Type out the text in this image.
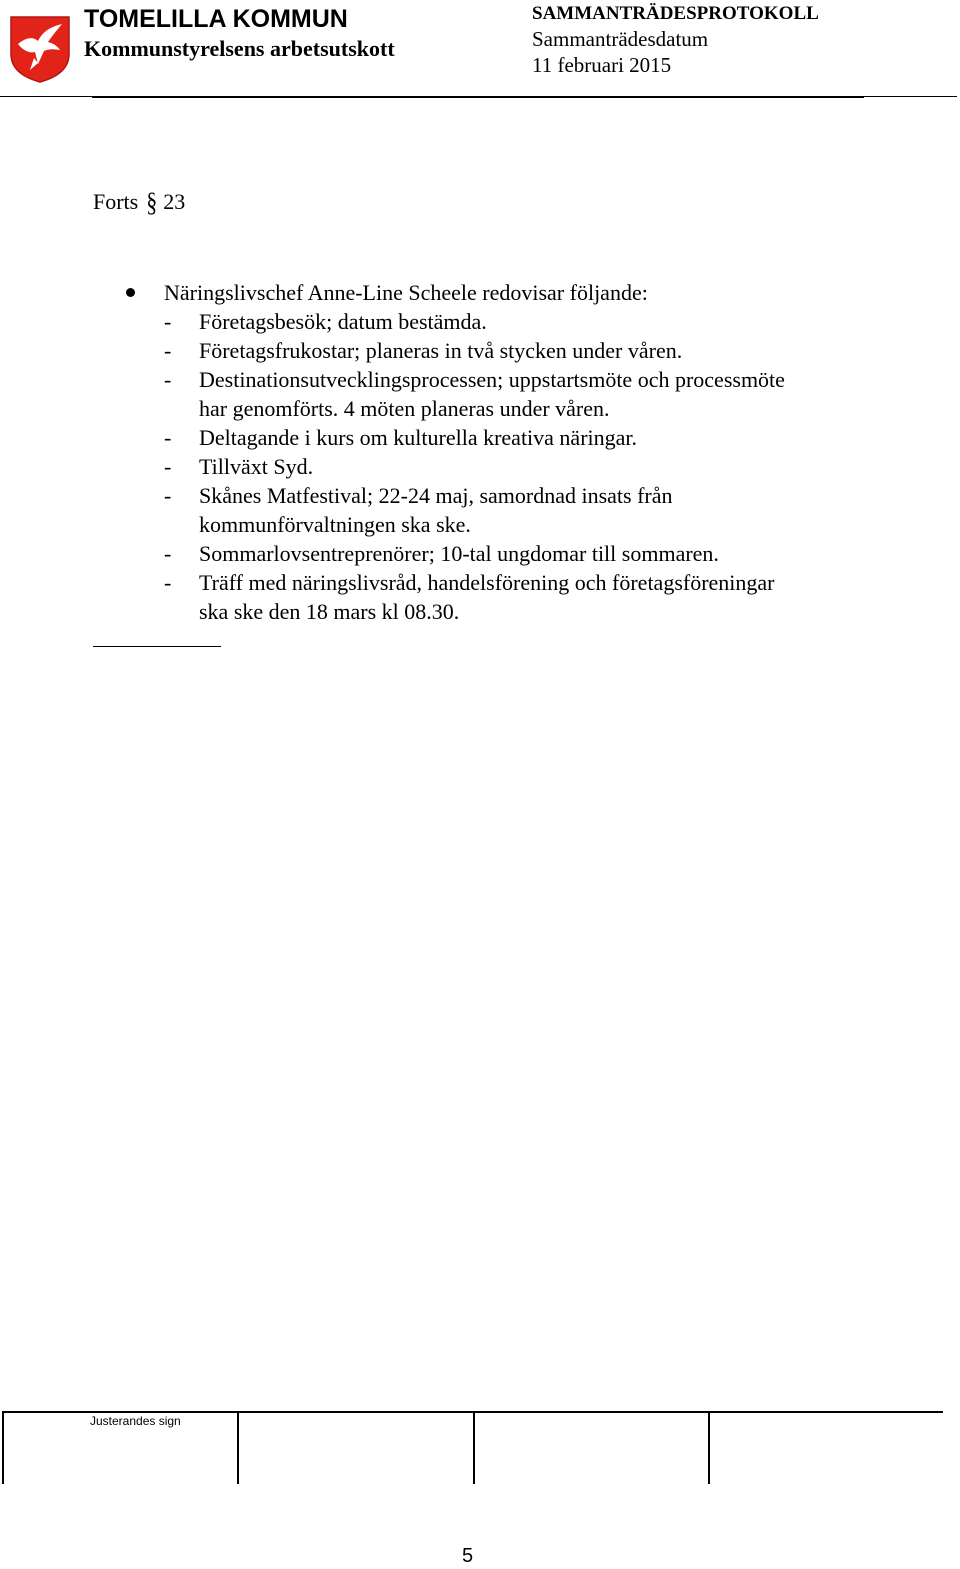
TOMELILLA KOMMUN
Kommunstyrelsens arbetsutskott
SAMMANTRÄDESPROTOKOLL
Sammanträdesdatum
11 februari 2015
Forts § 23
Näringslivschef Anne-Line Scheele redovisar följande:
- Företagsbesök; datum bestämda.
- Företagsfrukostar; planeras in två stycken under våren.
- Destinationsutvecklingsprocessen; uppstartsmöte och processmöte
har genomförts. 4 möten planeras under våren.
- Deltagande i kurs om kulturella kreativa näringar.
- Tillväxt Syd.
- Skånes Matfestival; 22-24 maj, samordnad insats från
kommunförvaltningen ska ske.
- Sommarlovsentreprenörer; 10-tal ungdomar till sommaren.
- Träff med näringslivsråd, handelsförening och företagsföreningar
ska ske den 18 mars kl 08.30.
Justerandes sign
5
